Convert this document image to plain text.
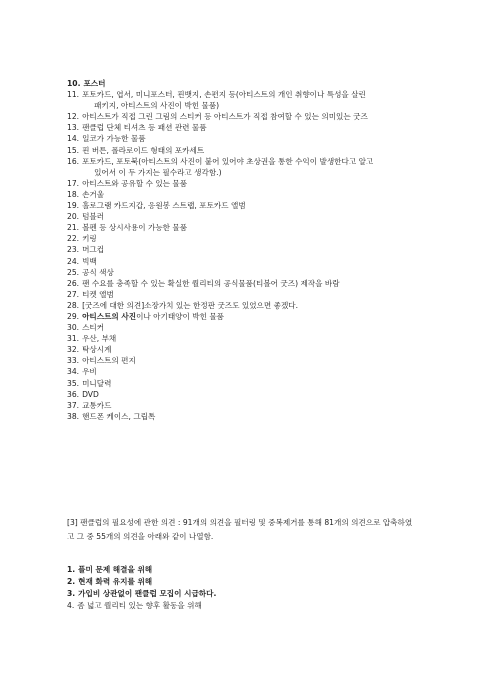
10. 포스터
11. 포토카드, 엽서, 미니포스터, 핀뱃지, 손편지 등(아티스트의 개인 취향이나 특성을 살린
패키지, 아티스트의 사진이 박힌 물품)
12. 아티스트가 직접 그린 그림의 스티커 등 아티스트가 직접 참여할 수 있는 의미있는 굿즈
13. 팬클럽 단체 티셔츠 등 패션 관련 물품
14. 일코가 가능한 물품
15. 핀 버튼, 폴라로이드 형태의 포카세트
16. 포토카드, 포토북(아티스트의 사진이 붙어 있어야 초상권을 통한 수익이 발생한다고 알고
있어서 이 두 가지는 필수라고 생각함.)
17. 아티스트와 공유할 수 있는 물품
18. 손거울
19. 홀로그램 카드지갑, 응원봉 스트랩, 포토카드 앨범
20. 텀블러
21. 볼펜 등 상시사용이 가능한 물품
22. 키링
23. 머그컵
24. 빅백
25. 공식 색상
26. 팬 수요를 충족할 수 있는 확실한 퀄리티의 공식물품(티볼어 굿즈) 제작을 바람
27. 티켓 앨범
28. [굿즈에 대한 의견]소장가치 있는 한정판 굿즈도 있었으면 좋겠다.
29. 아티스트의 사진이나 아기태양이 박힌 물품
30. 스티커
31. 우산, 부채
32. 탁상시계
33. 아티스트의 편지
34. 우비
35. 미니달력
36. DVD
37. 교통카드
38. 핸드폰 케이스, 그립톡
[3] 팬클럽의 필요성에 관한 의견 : 91개의 의견을 필터링 및 중복제거를 통해 81개의 의견으로 압축하였고 그 중 55개의 의견을 아래와 같이 나열함.
1. 플미 문제 해결을 위해
2. 현재 화력 유지를 위해
3. 가입비 상관없이 팬클럽 모집이 시급하다.
4. 좀 넓고 퀄리티 있는 향후 활동을 위해
